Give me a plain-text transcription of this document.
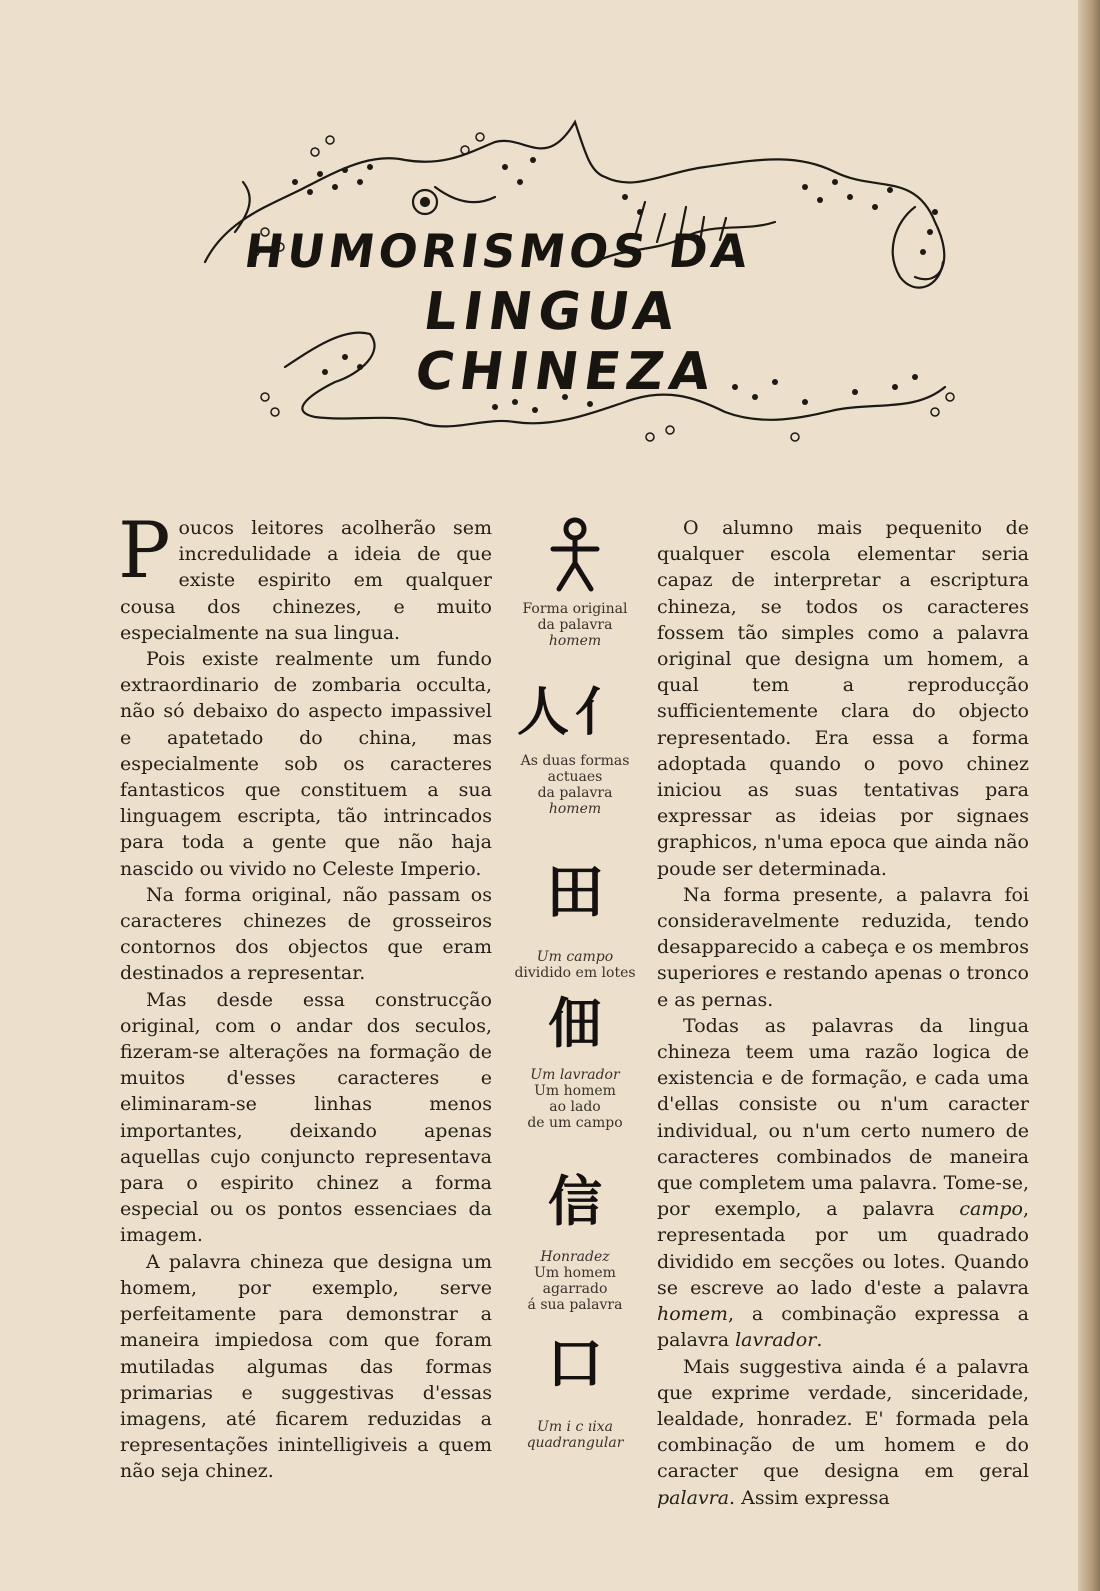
HUMORISMOS DA
LINGUA CHINEZA

Poucos leitores acolherão sem incredulidade a ideia de que existe espirito em qualquer cousa dos chinezes, e muito especialmente na sua lingua.

Pois existe realmente um fundo extraordinario de zombaria occulta, não só debaixo do aspecto impassivel e apatetado do china, mas especialmente sob os caracteres fantasticos que constituem a sua linguagem escripta, tão intrincados para toda a gente que não haja nascido ou vivido no Celeste Imperio.

Na forma original, não passam os caracteres chinezes de grosseiros contornos dos objectos que eram destinados a representar.

Mas desde essa construcção original, com o andar dos seculos, fizeram-se alterações na formação de muitos d'esses caracteres e eliminaram-se linhas menos importantes, deixando apenas aquellas cujo conjuncto representava para o espirito chinez a forma especial ou os pontos essenciaes da imagem.

A palavra chineza que designa um homem, por exemplo, serve perfeitamente para demonstrar a maneira impiedosa com que foram mutiladas algumas das formas primarias e suggestivas d'essas imagens, até ficarem reduzidas a representações inintelligiveis a quem não seja chinez.

Forma original
da palavra
homem
人亻
As duas formas
actuaes
da palavra
homem
田
Um campo
dividido em lotes
佃
Um lavrador
Um homem
ao lado
de um campo
信
Honradez
Um homem
agarrado
á sua palavra
口
Um i c ıixa
quadrangular

O alumno mais pequenito de qualquer escola elementar seria capaz de interpretar a escriptura chineza, se todos os caracteres fossem tão simples como a palavra original que designa um homem, a qual tem a reproducção sufficientemente clara do objecto representado. Era essa a forma adoptada quando o povo chinez iniciou as suas tentativas para expressar as ideias por signaes graphicos, n'uma epoca que ainda não poude ser determinada.

Na forma presente, a palavra foi consideravelmente reduzida, tendo desapparecido a cabeça e os membros superiores e restando apenas o tronco e as pernas.

Todas as palavras da lingua chineza teem uma razão logica de existencia e de formação, e cada uma d'ellas consiste ou n'um caracter individual, ou n'um certo numero de caracteres combinados de maneira que completem uma palavra. Tome-se, por exemplo, a palavra campo, representada por um quadrado dividido em secções ou lotes. Quando se escreve ao lado d'este a palavra homem, a combinação expressa a palavra lavrador.

Mais suggestiva ainda é a palavra que exprime verdade, sinceridade, lealdade, honradez. E' formada pela combinação de um homem e do caracter que designa em geral palavra. Assim expressa
